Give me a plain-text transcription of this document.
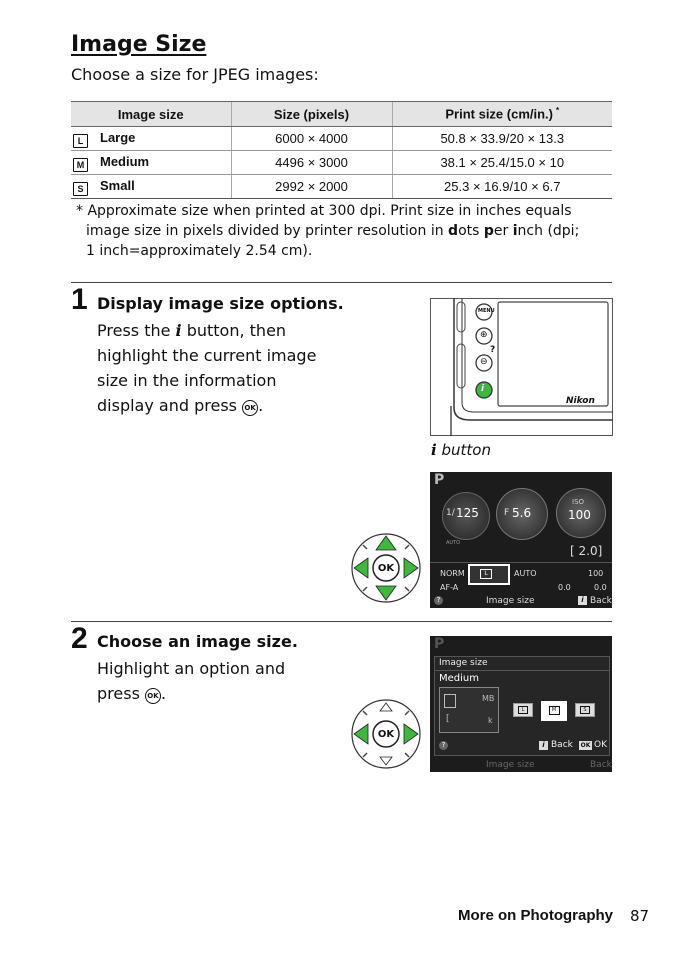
Image Size
Choose a size for JPEG images:
Image size	Size (pixels)	Print size (cm/in.) *
L Large	6000 × 4000	50.8 × 33.9/20 × 13.3
M Medium	4496 × 3000	38.1 × 25.4/15.0 × 10
S Small	2992 × 2000	25.3 × 16.9/10 × 6.7
* Approximate size when printed at 300 dpi. Print size in inches equals
image size in pixels divided by printer resolution in dots per inch (dpi;
1 inch=approximately 2.54 cm).
1 Display image size options.
Press the i button, then
highlight the current image
size in the information
display and press OK .
MENU
⊕
⊖
i
?
Nikon
i button
OK
P
1/ 125	F 5.6
ISO
100
AUTO
[ 2.0]
NORM	L	AUTO	100
AF-A	0.0	0.0
?	Image size	i Back
2 Choose an image size.
Highlight an option and
press OK .
OK
P
Image size
Medium
MB
[	k
L	M	S
?	i Back OK OK
Image size	Back
More on Photography 87
